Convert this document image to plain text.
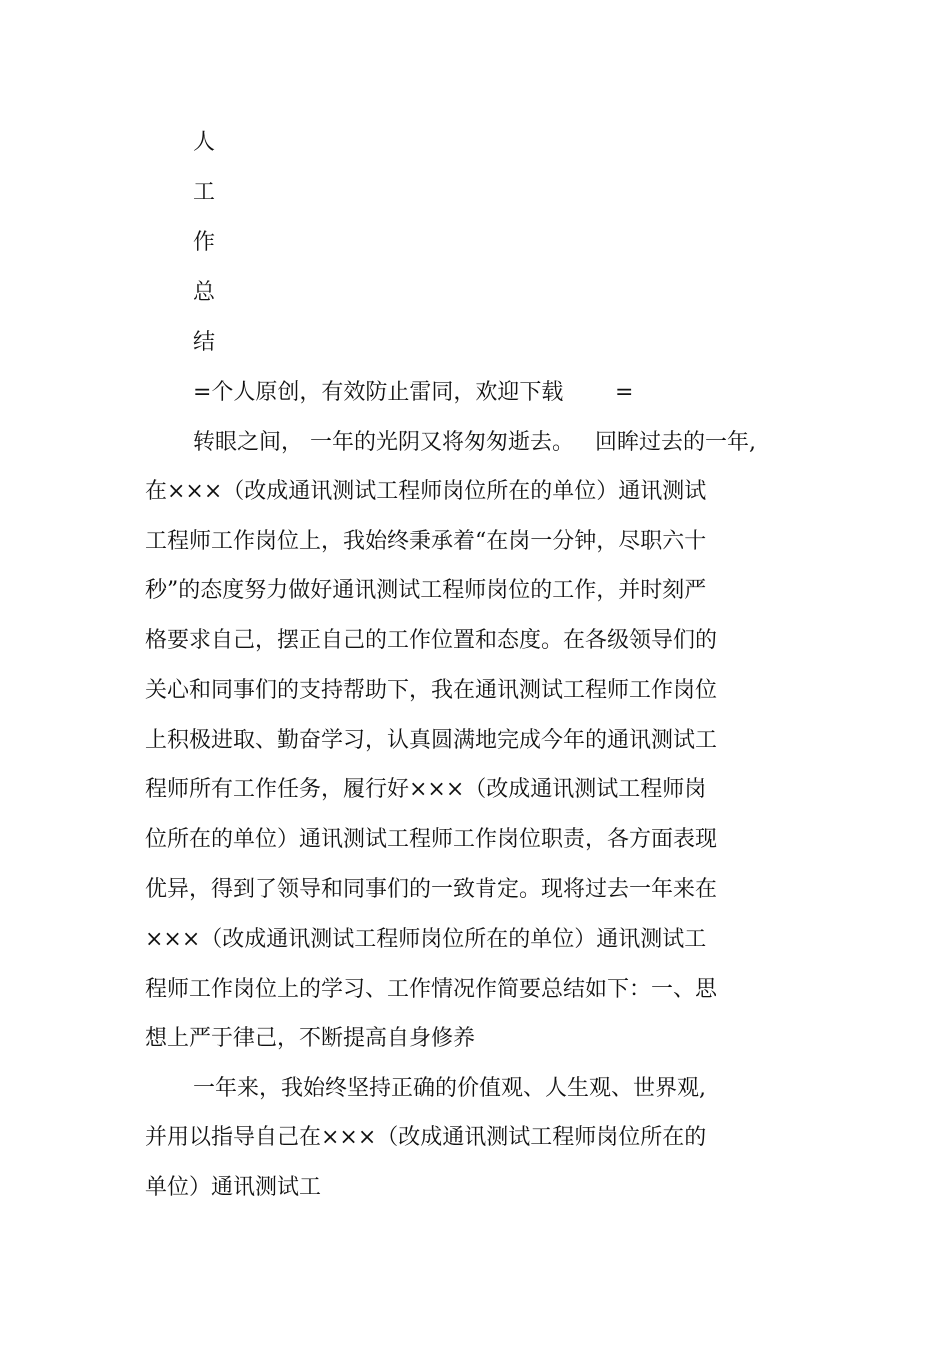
人
工
作
总
结
=个人原创，有效防止雷同，欢迎下载 =
转眼之间， 一年的光阴又将匆匆逝去。   回眸过去的一年,
在×××（改成通讯测试工程师岗位所在的单位）通讯测试
工程师工作岗位上，我始终秉承着“在岗一分钟，尽职六十
秒”的态度努力做好通讯测试工程师岗位的工作，并时刻严
格要求自己，摆正自己的工作位置和态度。在各级领导们的
关心和同事们的支持帮助下，我在通讯测试工程师工作岗位
上积极进取、勤奋学习，认真圆满地完成今年的通讯测试工
程师所有工作任务，履行好×××（改成通讯测试工程师岗
位所在的单位）通讯测试工程师工作岗位职责，各方面表现
优异，得到了领导和同事们的一致肯定。现将过去一年来在
×××（改成通讯测试工程师岗位所在的单位）通讯测试工
程师工作岗位上的学习、工作情况作简要总结如下：一、思
想上严于律己，不断提高自身修养
一年来，我始终坚持正确的价值观、人生观、世界观,
并用以指导自己在×××（改成通讯测试工程师岗位所在的
单位）通讯测试工
